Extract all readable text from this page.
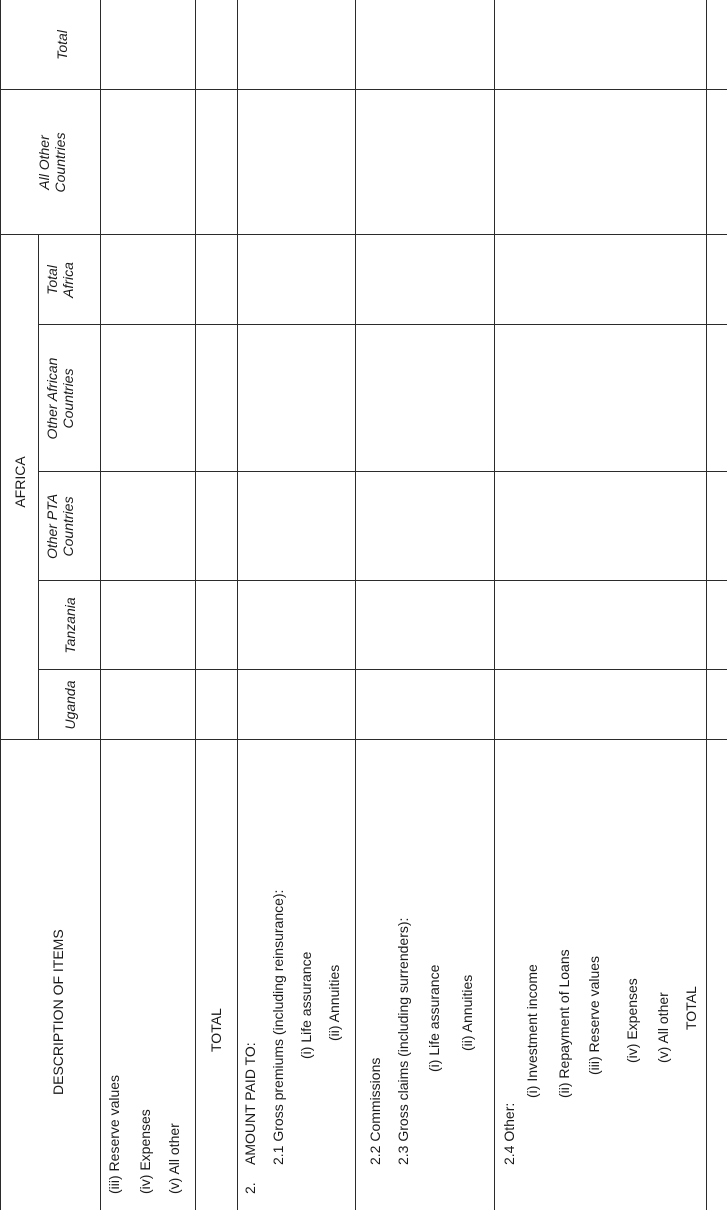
DESCRIPTION OF ITEMS
AFRICA
Uganda
Tanzania
Other PTA Countries
Other African Countries
Total Africa
All Other Countries
Total
(iii) Reserve values (iv) Expenses (v) All other
TOTAL
2.
AMOUNT PAID TO: 2.1 Gross premiums (including reinsurance): (i) Life assurance (ii) Annuities
2.2 Commissions 2.3 Gross claims (including surrenders): (i) Life assurance (ii) Annuities
2.4 Other:
(i) Investment income (ii) Repayment of Loans (iii) Reserve values (iv) Expenses (v) All other TOTAL
